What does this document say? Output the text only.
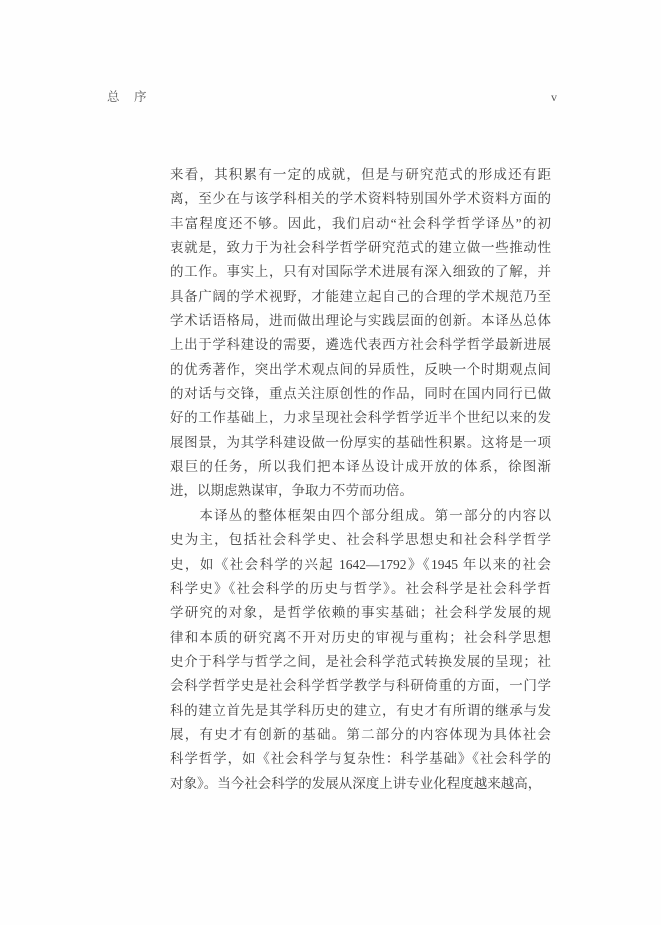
总　序	v
来看，其积累有一定的成就，但是与研究范式的形成还有距
离，至少在与该学科相关的学术资料特别国外学术资料方面的
丰富程度还不够。因此，我们启动“社会科学哲学译丛”的初
衷就是，致力于为社会科学哲学研究范式的建立做一些推动性
的工作。事实上，只有对国际学术进展有深入细致的了解，并
具备广阔的学术视野，才能建立起自己的合理的学术规范乃至
学术话语格局，进而做出理论与实践层面的创新。本译丛总体
上出于学科建设的需要，遴选代表西方社会科学哲学最新进展
的优秀著作，突出学术观点间的异质性，反映一个时期观点间
的对话与交锋，重点关注原创性的作品，同时在国内同行已做
好的工作基础上，力求呈现社会科学哲学近半个世纪以来的发
展图景，为其学科建设做一份厚实的基础性积累。这将是一项
艰巨的任务，所以我们把本译丛设计成开放的体系，徐图渐
进，以期虑熟谋审，争取力不劳而功倍。
　　本译丛的整体框架由四个部分组成。第一部分的内容以
史为主，包括社会科学史、社会科学思想史和社会科学哲学
史，如《社会科学的兴起 1642—1792》《1945 年以来的社会
科学史》《社会科学的历史与哲学》。社会科学是社会科学哲
学研究的对象，是哲学依赖的事实基础；社会科学发展的规
律和本质的研究离不开对历史的审视与重构；社会科学思想
史介于科学与哲学之间，是社会科学范式转换发展的呈现；社
会科学哲学史是社会科学哲学教学与科研倚重的方面，一门学
科的建立首先是其学科历史的建立，有史才有所谓的继承与发
展，有史才有创新的基础。第二部分的内容体现为具体社会
科学哲学，如《社会科学与复杂性：科学基础》《社会科学的
对象》。当今社会科学的发展从深度上讲专业化程度越来越高，
